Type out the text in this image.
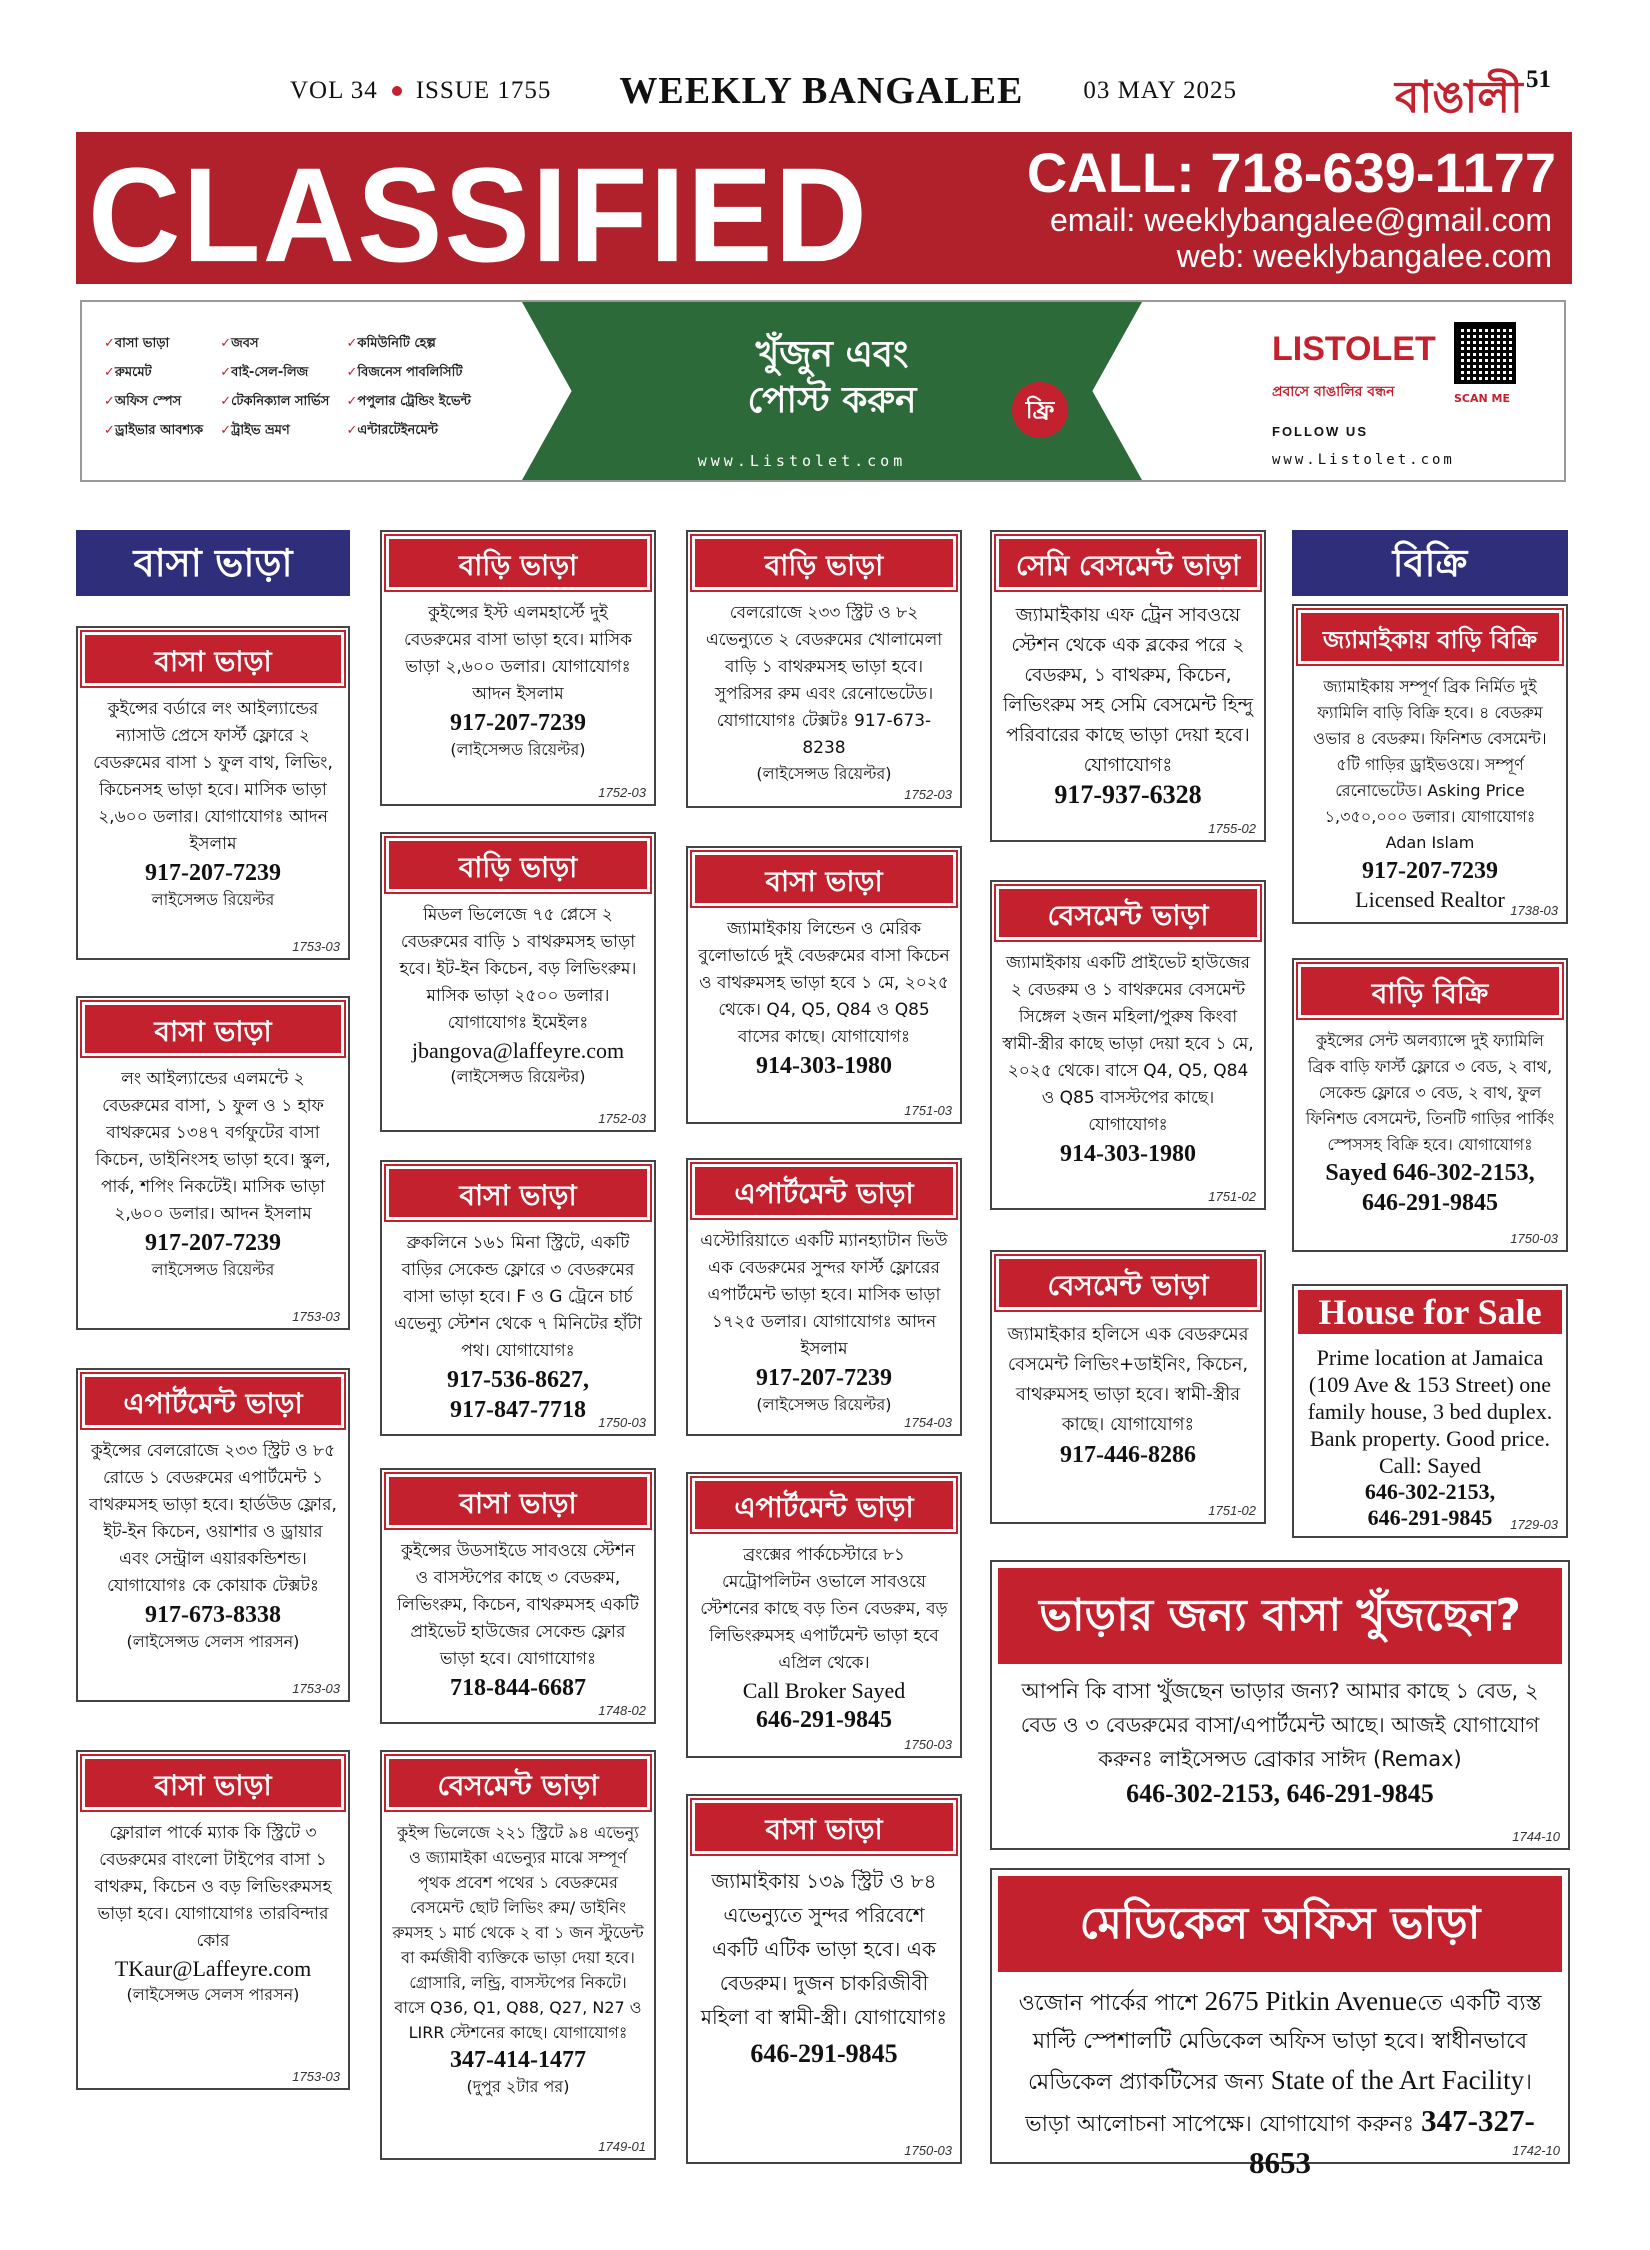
VOL 34 ISSUE 1755 WEEKLY BANGALEE 03 MAY 2025	বাঙালী 51
CLASSIFIED	CALL: 718-639-1177
email: weeklybangalee@gmail.com
web: weeklybangalee.com
✓ বাসা ভাড়া	✓ জবস	✓ কমিউনিটি হেল্প
✓ রুমমেট	✓ বাই-সেল-লিজ	✓ বিজনেস পাবলিসিটি
✓ অফিস স্পেস	✓ টেকনিক্যাল সার্ভিস	✓ পপুলার ট্রেন্ডিং ইভেন্ট
✓ ড্রাইভার আবশ্যক	✓ ট্রাইভ ভ্রমণ	✓ এন্টারটেইনমেন্ট
খুঁজুন এবং
পোস্ট করুন	ফ্রি
www.Listolet.com
LISTOLET
প্রবাসে বাঙালির বন্ধন
FOLLOW US
www.Listolet.com
SCAN ME
বাসা ভাড়া	বিক্রি
বাসা ভাড়া
কুইন্সের বর্ডারে লং আইল্যান্ডের ন্যাসাউ প্রেসে ফার্স্ট ফ্লোরে ২ বেডরুমের বাসা ১ ফুল বাথ, লিভিং, কিচেনসহ ভাড়া হবে। মাসিক ভাড়া ২,৬০০ ডলার। যোগাযোগঃ আদন ইসলাম
917-207-7239
লাইসেন্সড রিয়েল্টর
1753-03
বাসা ভাড়া
লং আইল্যান্ডের এলমন্টে ২ বেডরুমের বাসা, ১ ফুল ও ১ হাফ বাথরুমের ১৩৪৭ বর্গফুটের বাসা কিচেন, ডাইনিংসহ ভাড়া হবে। স্কুল, পার্ক, শপিং নিকটেই। মাসিক ভাড়া ২,৬০০ ডলার। আদন ইসলাম
917-207-7239
লাইসেন্সড রিয়েল্টর
1753-03
এপার্টমেন্ট ভাড়া
কুইন্সের বেলরোজে ২৩৩ স্ট্রিট ও ৮৫ রোডে ১ বেডরুমের এপার্টমেন্ট ১ বাথরুমসহ ভাড়া হবে। হার্ডউড ফ্লোর, ইট-ইন কিচেন, ওয়াশার ও ড্রায়ার এবং সেন্ট্রাল এয়ারকন্ডিশন্ড। যোগাযোগঃ কে কোয়াক টেক্সটঃ
917-673-8338
(লাইসেন্সড সেলস পারসন)
1753-03
বাসা ভাড়া
ফ্লোরাল পার্কে ম্যাক কি স্ট্রিটে ৩ বেডরুমের বাংলো টাইপের বাসা ১ বাথরুম, কিচেন ও বড় লিভিংরুমসহ ভাড়া হবে। যোগাযোগঃ তারবিন্দার কোর
TKaur@Laffeyre.com
(লাইসেন্সড সেলস পারসন)
1753-03
বাড়ি ভাড়া
কুইন্সের ইস্ট এলমহার্স্টে দুই বেডরুমের বাসা ভাড়া হবে। মাসিক ভাড়া ২,৬০০ ডলার। যোগাযোগঃ আদন ইসলাম
917-207-7239
(লাইসেন্সড রিয়েল্টর)
1752-03
বাড়ি ভাড়া
মিডল ভিলেজে ৭৫ প্লেসে ২ বেডরুমের বাড়ি ১ বাথরুমসহ ভাড়া হবে। ইট-ইন কিচেন, বড় লিভিংরুম। মাসিক ভাড়া ২৫০০ ডলার। যোগাযোগঃ ইমেইলঃ
jbangova@laffeyre.com
(লাইসেন্সড রিয়েল্টর)
1752-03
বাসা ভাড়া
ব্রুকলিনে ১৬১ মিনা স্ট্রিটে, একটি বাড়ির সেকেন্ড ফ্লোরে ৩ বেডরুমের বাসা ভাড়া হবে। F ও G ট্রেনে চার্চ এভেন্যু স্টেশন থেকে ৭ মিনিটের হাঁটা পথ। যোগাযোগঃ
917-536-8627,
917-847-7718 1750-03
বাসা ভাড়া
কুইন্সের উডসাইডে সাবওয়ে স্টেশন ও বাসস্টপের কাছে ৩ বেডরুম, লিভিংরুম, কিচেন, বাথরুমসহ একটি প্রাইভেট হাউজের সেকেন্ড ফ্লোর ভাড়া হবে। যোগাযোগঃ
718-844-6687
1748-02
বেসমেন্ট ভাড়া
কুইন্স ভিলেজে ২২১ স্ট্রিটে ৯৪ এভেন্যু ও জ্যামাইকা এভেন্যুর মাঝে সম্পূর্ণ পৃথক প্রবেশ পথের ১ বেডরুমের বেসমেন্ট ছোট লিভিং রুম/ ডাইনিং রুমসহ ১ মার্চ থেকে ২ বা ১ জন স্টুডেন্ট বা কর্মজীবী ব্যক্তিকে ভাড়া দেয়া হবে। গ্রোসারি, লন্ড্রি, বাসস্টপের নিকটে। বাসে Q36, Q1, Q88, Q27, N27 ও LIRR স্টেশনের কাছে। যোগাযোগঃ
347-414-1477
(দুপুর ২টার পর)
1749-01
বাড়ি ভাড়া
বেলরোজে ২৩৩ স্ট্রিট ও ৮২ এভেন্যুতে ২ বেডরুমের খোলামেলা বাড়ি ১ বাথরুমসহ ভাড়া হবে। সুপরিসর রুম এবং রেনোভেটেড। যোগাযোগঃ টেক্সটঃ 917-673-8238
(লাইসেন্সড রিয়েল্টর)
1752-03
বাসা ভাড়া
জ্যামাইকায় লিন্ডেন ও মেরিক বুলোভার্ডে দুই বেডরুমের বাসা কিচেন ও বাথরুমসহ ভাড়া হবে ১ মে, ২০২৫ থেকে। Q4, Q5, Q84 ও Q85 বাসের কাছে। যোগাযোগঃ
914-303-1980
1751-03
এপার্টমেন্ট ভাড়া
এস্টোরিয়াতে একটি ম্যানহ্যাটান ভিউ এক বেডরুমের সুন্দর ফার্স্ট ফ্লোরের এপার্টমেন্ট ভাড়া হবে। মাসিক ভাড়া ১৭২৫ ডলার। যোগাযোগঃ আদন ইসলাম
917-207-7239
(লাইসেন্সড রিয়েল্টর)
1754-03
এপার্টমেন্ট ভাড়া
ব্রংক্সের পার্কচেস্টারে ৮১ মেট্রোপলিটন ওভালে সাবওয়ে স্টেশনের কাছে বড় তিন বেডরুম, বড় লিভিংরুমসহ এপার্টমেন্ট ভাড়া হবে এপ্রিল থেকে।
Call Broker Sayed
646-291-9845
1750-03
বাসা ভাড়া
জ্যামাইকায় ১৩৯ স্ট্রিট ও ৮৪ এভেন্যুতে সুন্দর পরিবেশে একটি এটিক ভাড়া হবে। এক বেডরুম। দুজন চাকরিজীবী মহিলা বা স্বামী-স্ত্রী। যোগাযোগঃ
646-291-9845
1750-03
সেমি বেসমেন্ট ভাড়া
জ্যামাইকায় এফ ট্রেন সাবওয়ে স্টেশন থেকে এক ব্লকের পরে ২ বেডরুম, ১ বাথরুম, কিচেন, লিভিংরুম সহ সেমি বেসমেন্ট হিন্দু পরিবারের কাছে ভাড়া দেয়া হবে। যোগাযোগঃ
917-937-6328
1755-02
বেসমেন্ট ভাড়া
জ্যামাইকায় একটি প্রাইভেট হাউজের ২ বেডরুম ও ১ বাথরুমের বেসমেন্ট সিঙ্গেল ২জন মহিলা/পুরুষ কিংবা স্বামী-স্ত্রীর কাছে ভাড়া দেয়া হবে ১ মে, ২০২৫ থেকে। বাসে Q4, Q5, Q84 ও Q85 বাসস্টপের কাছে। যোগাযোগঃ
914-303-1980
1751-02
বেসমেন্ট ভাড়া
জ্যামাইকার হলিসে এক বেডরুমের বেসমেন্ট লিভিং+ডাইনিং, কিচেন, বাথরুমসহ ভাড়া হবে। স্বামী-স্ত্রীর কাছে। যোগাযোগঃ
917-446-8286
1751-02
জ্যামাইকায় বাড়ি বিক্রি
জ্যামাইকায় সম্পূর্ণ ব্রিক নির্মিত দুই ফ্যামিলি বাড়ি বিক্রি হবে। ৪ বেডরুম ওভার ৪ বেডরুম। ফিনিশড বেসমেন্ট। ৫টি গাড়ির ড্রাইভওয়ে। সম্পূর্ণ রেনোভেটেড। Asking Price ১,৩৫০,০০০ ডলার। যোগাযোগঃ Adan Islam
917-207-7239
Licensed Realtor 1738-03
বাড়ি বিক্রি
কুইন্সের সেন্ট অলব্যান্সে দুই ফ্যামিলি ব্রিক বাড়ি ফার্স্ট ফ্লোরে ৩ বেড, ২ বাথ, সেকেন্ড ফ্লোরে ৩ বেড, ২ বাথ, ফুল ফিনিশড বেসমেন্ট, তিনটি গাড়ির পার্কিং স্পেসসহ বিক্রি হবে। যোগাযোগঃ
Sayed 646-302-2153,
646-291-9845
1750-03
House for Sale
Prime location at Jamaica (109 Ave & 153 Street) one family house, 3 bed duplex. Bank property. Good price. Call: Sayed
646-302-2153,
646-291-9845	1729-03
ভাড়ার জন্য বাসা খুঁজছেন?
আপনি কি বাসা খুঁজছেন ভাড়ার জন্য? আমার কাছে ১ বেড, ২ বেড ও ৩ বেডরুমের বাসা/এপার্টমেন্ট আছে। আজই যোগাযোগ করুনঃ লাইসেন্সড ব্রোকার সাঈদ (Remax)
646-302-2153, 646-291-9845
1744-10
মেডিকেল অফিস ভাড়া
ওজোন পার্কের পাশে 2675 Pitkin Avenueতে একটি ব্যস্ত মাল্টি স্পেশালটি মেডিকেল অফিস ভাড়া হবে। স্বাধীনভাবে মেডিকেল প্র্যাকটিসের জন্য State of the Art Facility। ভাড়া আলোচনা সাপেক্ষে। যোগাযোগ করুনঃ 347-327-8653	1742-10
